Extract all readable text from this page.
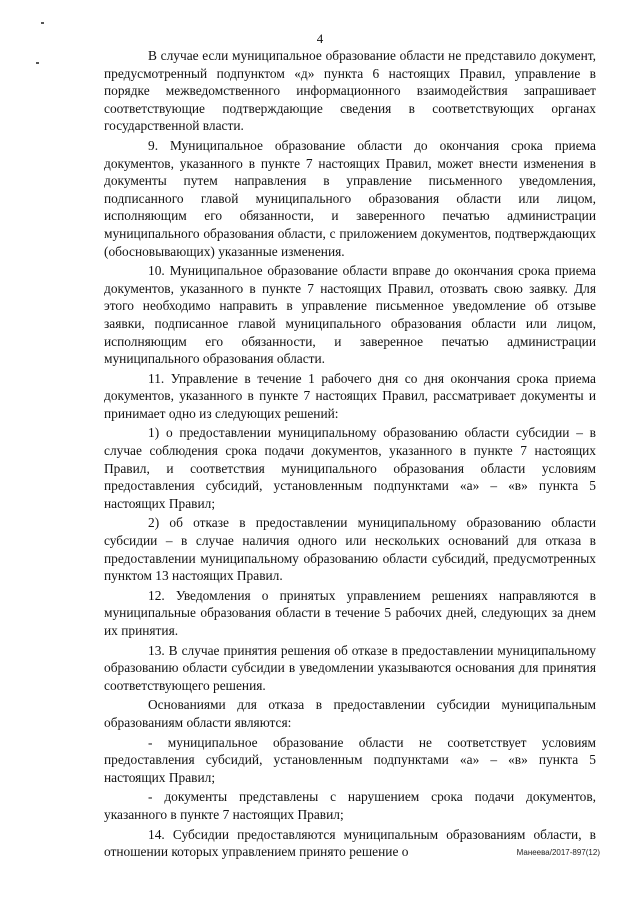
4

В случае если муниципальное образование области не представило документ, предусмотренный подпунктом «д» пункта 6 настоящих Правил, управление в порядке межведомственного информационного взаимодействия запрашивает соответствующие подтверждающие сведения в соответствующих органах государственной власти.

9. Муниципальное образование области до окончания срока приема документов, указанного в пункте 7 настоящих Правил, может внести изменения в документы путем направления в управление письменного уведомления, подписанного главой муниципального образования области или лицом, исполняющим его обязанности, и заверенного печатью администрации муниципального образования области, с приложением документов, подтверждающих (обосновывающих) указанные изменения.

10. Муниципальное образование области вправе до окончания срока приема документов, указанного в пункте 7 настоящих Правил, отозвать свою заявку. Для этого необходимо направить в управление письменное уведомление об отзыве заявки, подписанное главой муниципального образования области или лицом, исполняющим его обязанности, и заверенное печатью администрации муниципального образования области.

11. Управление в течение 1 рабочего дня со дня окончания срока приема документов, указанного в пункте 7 настоящих Правил, рассматривает документы и принимает одно из следующих решений:

1) о предоставлении муниципальному образованию области субсидии – в случае соблюдения срока подачи документов, указанного в пункте 7 настоящих Правил, и соответствия муниципального образования области условиям предоставления субсидий, установленным подпунктами «а» – «в» пункта 5 настоящих Правил;

2) об отказе в предоставлении муниципальному образованию области субсидии – в случае наличия одного или нескольких оснований для отказа в предоставлении муниципальному образованию области субсидий, предусмотренных пунктом 13 настоящих Правил.

12. Уведомления о принятых управлением решениях направляются в муниципальные образования области в течение 5 рабочих дней, следующих за днем их принятия.

13. В случае принятия решения об отказе в предоставлении муниципальному образованию области субсидии в уведомлении указываются основания для принятия соответствующего решения.

Основаниями для отказа в предоставлении субсидии муниципальным образованиям области являются:

- муниципальное образование области не соответствует условиям предоставления субсидий, установленным подпунктами «а» – «в» пункта 5 настоящих Правил;

- документы представлены с нарушением срока подачи документов, указанного в пункте 7 настоящих Правил;

14. Субсидии предоставляются муниципальным образованиям области, в отношении которых управлением принято решение о	Манеева/2017-897(12)
